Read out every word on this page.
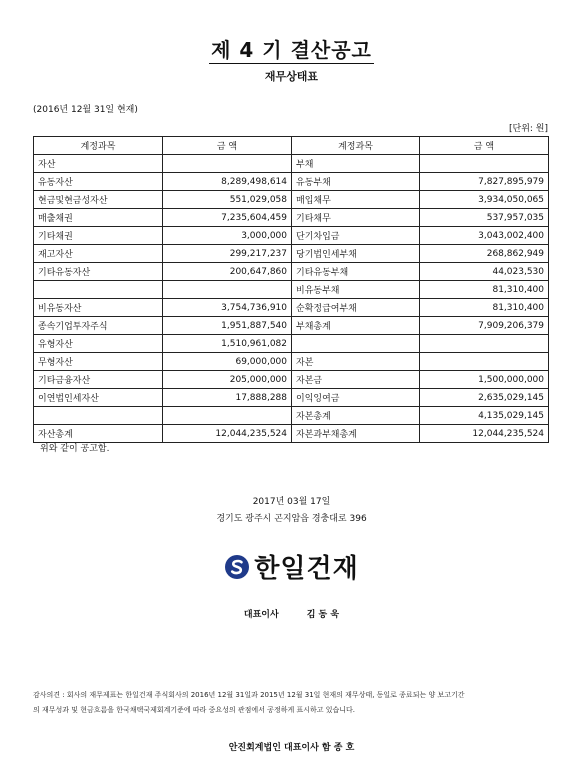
제 4 기 결산공고
재무상태표
(2016년 12월 31일 현재)
[단위: 원]
계정과목	금 액	계정과목	금 액
자산		부채	
유동자산	8,289,498,614	유동부채	7,827,895,979
현금및현금성자산	551,029,058	매입채무	3,934,050,065
매출채권	7,235,604,459	기타채무	537,957,035
기타채권	3,000,000	단기차입금	3,043,002,400
재고자산	299,217,237	당기법인세부채	268,862,949
기타유동자산	200,647,860	기타유동부채	44,023,530
		비유동부채	81,310,400
비유동자산	3,754,736,910	순확정급여부채	81,310,400
종속기업투자주식	1,951,887,540	부채총계	7,909,206,379
유형자산	1,510,961,082		
무형자산	69,000,000	자본	
기타금융자산	205,000,000	자본금	1,500,000,000
이연법인세자산	17,888,288	이익잉여금	2,635,029,145
		자본총계	4,135,029,145
자산총계	12,044,235,524	자본과부채총계	12,044,235,524
위와 같이 공고함.
2017년 03월 17일
경기도 광주시 곤지암읍 경충대로 396
한일건재
대표이사	김 동 욱
감사의견 : 회사의 재무제표는 한일건재 주식회사의 2016년 12월 31일과 2015년 12월 31일 현재의 재무상태, 동일로 종료되는 양 보고기간
의 재무성과 및 현금흐름을 한국채택국제회계기준에 따라 중요성의 관점에서 공정하게 표시하고 있습니다.
안진회계법인 대표이사 함 종 호
